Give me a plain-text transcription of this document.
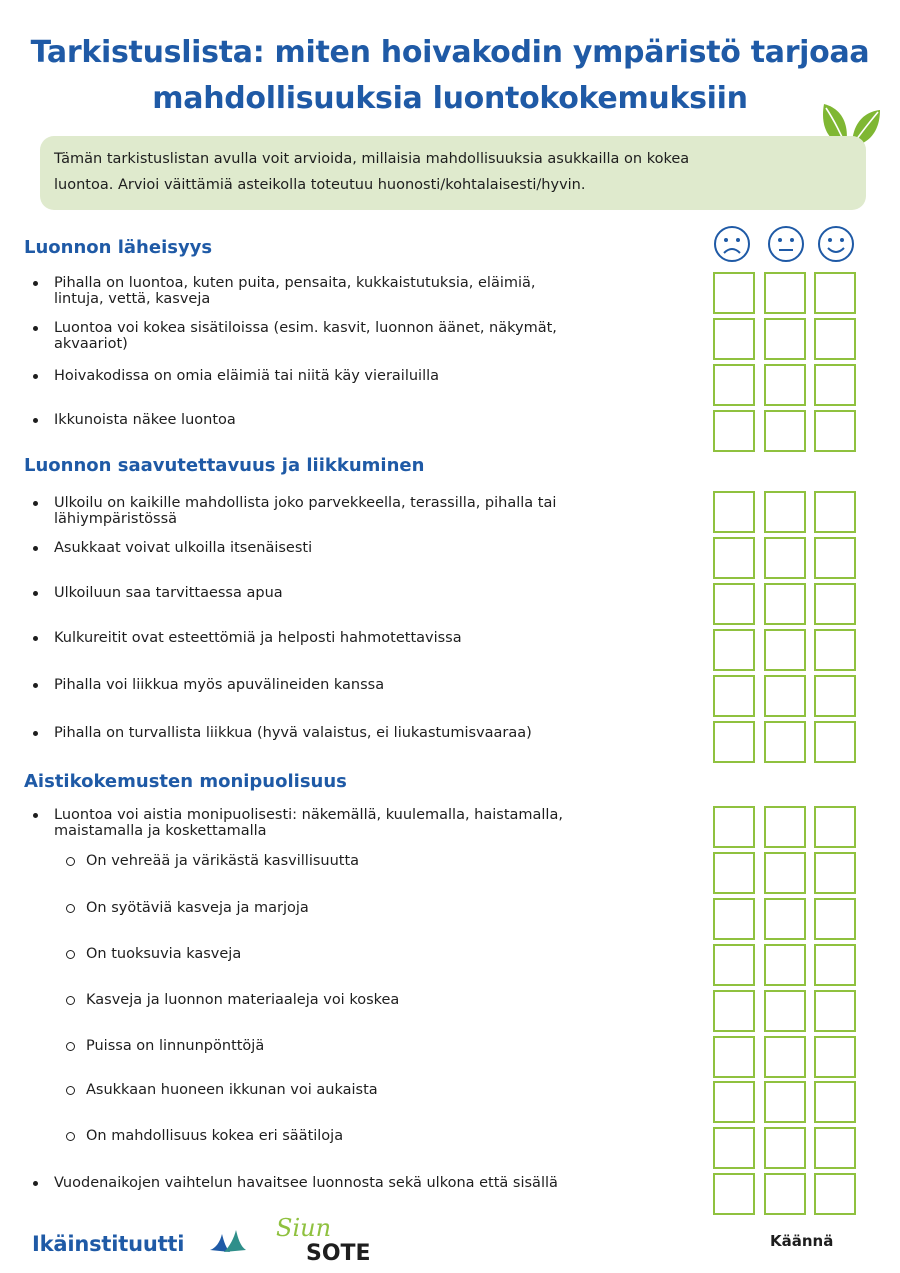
Tarkistuslista: miten hoivakodin ympäristö tarjoaa
mahdollisuuksia luontokokemuksiin
Tämän tarkistuslistan avulla voit arvioida, millaisia mahdollisuuksia asukkailla on kokea
luontoa. Arvioi väittämiä asteikolla toteutuu huonosti/kohtalaisesti/hyvin.
Luonnon läheisyys
Pihalla on luontoa, kuten puita, pensaita, kukkaistutuksia, eläimiä,
lintuja, vettä, kasveja
Luontoa voi kokea sisätiloissa (esim. kasvit, luonnon äänet, näkymät,
akvaariot)
Hoivakodissa on omia eläimiä tai niitä käy vierailuilla
Ikkunoista näkee luontoa
Luonnon saavutettavuus ja liikkuminen
Ulkoilu on kaikille mahdollista joko parvekkeella, terassilla, pihalla tai
lähiympäristössä
Asukkaat voivat ulkoilla itsenäisesti
Ulkoiluun saa tarvittaessa apua
Kulkureitit ovat esteettömiä ja helposti hahmotettavissa
Pihalla voi liikkua myös apuvälineiden kanssa
Pihalla on turvallista liikkua (hyvä valaistus, ei liukastumisvaaraa)
Aistikokemusten monipuolisuus
Luontoa voi aistia monipuolisesti: näkemällä, kuulemalla, haistamalla,
maistamalla ja koskettamalla
On vehreää ja värikästä kasvillisuutta
On syötäviä kasveja ja marjoja
On tuoksuvia kasveja
Kasveja ja luonnon materiaaleja voi koskea
Puissa on linnunpönttöjä
Asukkaan huoneen ikkunan voi aukaista
On mahdollisuus kokea eri säätiloja
Vuodenaikojen vaihtelun havaitsee luonnosta sekä ulkona että sisällä
Ikäinstituutti
Siun
SOTE	Käännä
